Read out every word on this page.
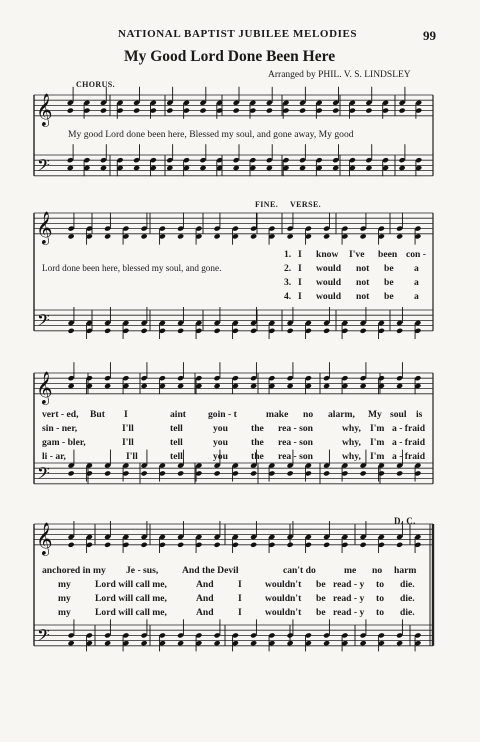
NATIONAL BAPTIST JUBILEE MELODIES	99
My Good Lord Done Been Here
Arranged by PHIL. V. S. LINDSLEY
𝄞
𝄢
𝄞
𝄢
𝄞
𝄢
𝄞
𝄢
CHORUS.
FINE. VERSE.
D. C.
My good Lord done been here, Blessed my soul, and gone away, My good
Lord done been here, blessed my soul, and gone.
1. I know I've been con -
2. I would not be a
3. I would not be a
4. I would not be a
vert - ed, But I	aint goin - t	make no alarm, My soul is
sin - ner,	I'll	tell	you the rea - son	why, I'm a - fraid
gam - bler,	I'll	tell	you the rea - son	why, I'm a - fraid
li - ar,	I'll	tell	you the rea - son	why, I'm a - fraid
anchored in my Je - sus, And the Devil	can't do	me no harm
my	Lord will call me,	And	I wouldn't be read - y to die.
my	Lord will call me,	And	I wouldn't be read - y to die.
my	Lord will call me,	And	I wouldn't be read - y to die.
